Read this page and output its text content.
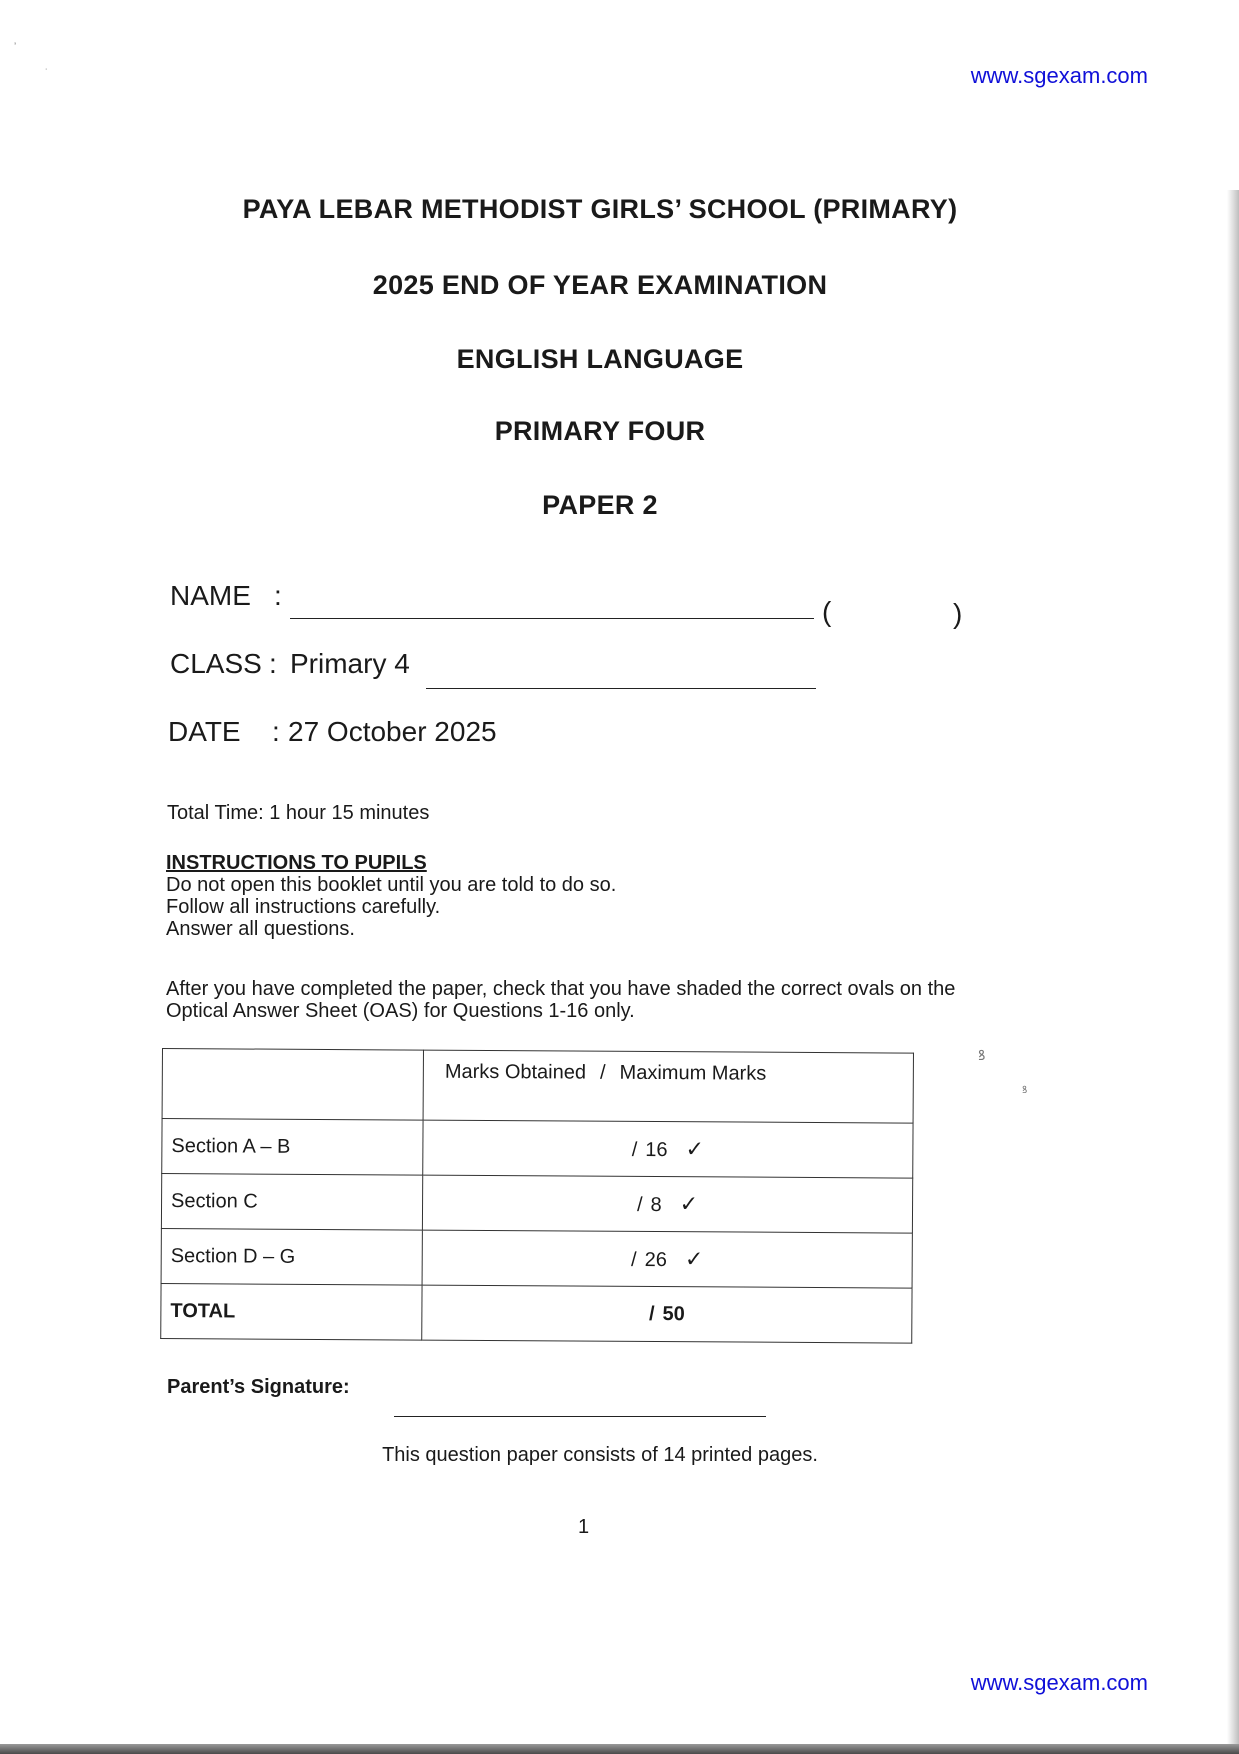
ʼ
˙
ꝸ
ꝸ
www.sgexam.com
PAYA LEBAR METHODIST GIRLS’ SCHOOL (PRIMARY)
2025 END OF YEAR EXAMINATION
ENGLISH LANGUAGE
PRIMARY FOUR
PAPER 2
NAME :
(	)
CLASS : Primary 4
DATE : 27 October 2025
Total Time: 1 hour 15 minutes
INSTRUCTIONS TO PUPILS
Do not open this booklet until you are told to do so.
Follow all instructions carefully.
Answer all questions.
After you have completed the paper, check that you have shaded the correct ovals on the Optical Answer Sheet (OAS) for Questions 1-16 only.
	Marks Obtained / Maximum Marks
Section A – B	/ 16 ✓
Section C	/ 8 ✓
Section D – G	/ 26 ✓
TOTAL	/ 50
Parent’s Signature:
This question paper consists of 14 printed pages.
1
www.sgexam.com
